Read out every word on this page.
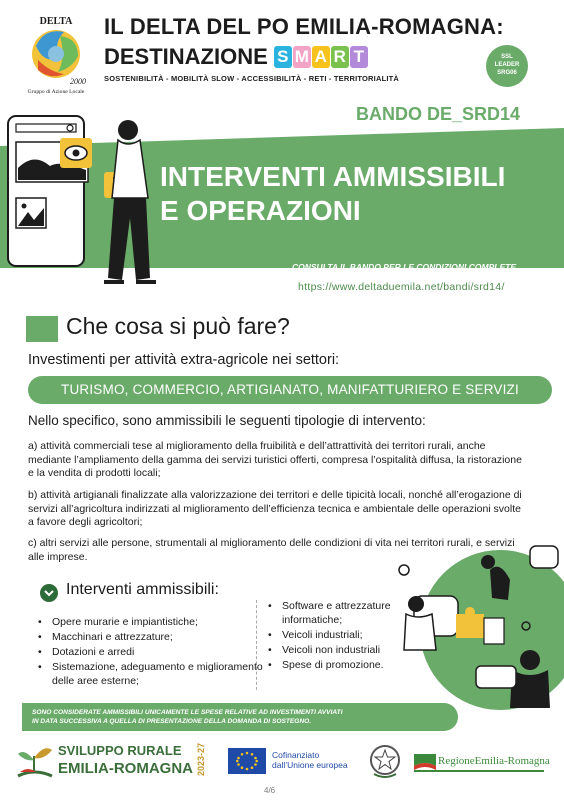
DELTA
2000
Gruppo di Azione Locale
IL DELTA DEL PO EMILIA-ROMAGNA:
DESTINAZIONE S M A R T
SOSTENIBILITÀ - MOBILITÀ SLOW - ACCESSIBILITÀ - RETI - TERRITORIALITÀ
SSL
LEADER
SRG06
BANDO DE_SRD14
INTERVENTI AMMISSIBILI
E OPERAZIONI
CONSULTA IL BANDO PER LE CONDIZIONI COMPLETE
https://www.deltaduemila.net/bandi/srd14/
Che cosa si può fare?
Investimenti per attività extra-agricole nei settori:
TURISMO, COMMERCIO, ARTIGIANATO, MANIFATTURIERO E SERVIZI
Nello specifico, sono ammissibili le seguenti tipologie di intervento:
a) attività commerciali tese al miglioramento della fruibilità e dell’attrattività dei territori rurali, anche mediante l’ampliamento della gamma dei servizi turistici offerti, compresa l’ospitalità diffusa, la ristorazione e la vendita di prodotti locali;
b) attività artigianali finalizzate alla valorizzazione dei territori e delle tipicità locali, nonché all’erogazione di servizi all’agricoltura indirizzati al miglioramento dell’efficienza tecnica e ambientale delle operazioni svolte a favore degli agricoltori;
c) altri servizi alle persone, strumentali al miglioramento delle condizioni di vita nei territori rurali, e servizi alle imprese.
Interventi ammissibili:
• Opere murarie e impiantistiche;
• Macchinari e attrezzature;
• Dotazioni e arredi
• Sistemazione, adeguamento e miglioramento delle aree esterne;
• Software e attrezzature informatiche;
• Veicoli industriali;
• Veicoli non industriali
• Spese di promozione.
SONO CONSIDERATE AMMISSIBILI UNICAMENTE LE SPESE RELATIVE AD INVESTIMENTI AVVIATI
IN DATA SUCCESSIVA A QUELLA DI PRESENTAZIONE DELLA DOMANDA DI SOSTEGNO.
SVILUPPO RURALE
EMILIA-ROMAGNA 2023-27	Cofinanziato
dall’Unione europea	RegioneEmilia-Romagna
4/6
